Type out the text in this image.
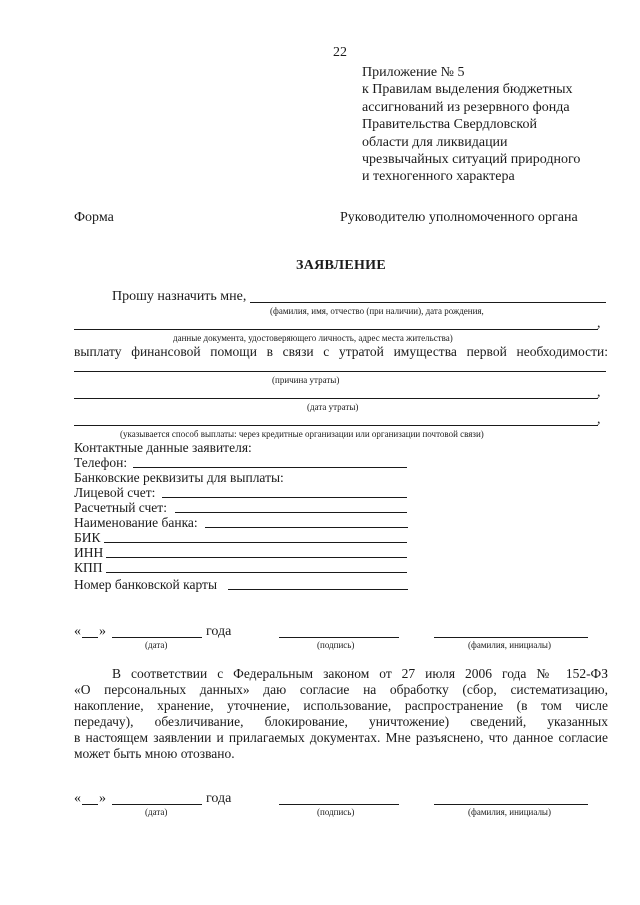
22
Приложение № 5
к Правилам выделения бюджетных
ассигнований из резервного фонда
Правительства Свердловской
области для ликвидации
чрезвычайных ситуаций природного
и техногенного характера
Форма	Руководителю уполномоченного органа
ЗАЯВЛЕНИЕ
Прошу назначить мне,
(фамилия, имя, отчество (при наличии), дата рождения,
,
данные документа, удостоверяющего личность, адрес места жительства)
выплату финансовой помощи в связи с утратой имущества первой необходимости:
(причина утраты)
,
(дата утраты)
,
(указывается способ выплаты: через кредитные организации или организации почтовой связи)
Контактные данные заявителя:
Телефон:
Банковские реквизиты для выплаты:
Лицевой счет:
Расчетный счет:
Наименование банка:
БИК
ИНН
КПП
Номер банковской карты
« »	года
(дата)	(подпись)	(фамилия, инициалы)
В соответствии с Федеральным законом от 27 июля 2006 года № 152-ФЗ
«О персональных данных» даю согласие на обработку (сбор, систематизацию,
накопление, хранение, уточнение, использование, распространение (в том числе
передачу), обезличивание, блокирование, уничтожение) сведений, указанных
в настоящем заявлении и прилагаемых документах. Мне разъяснено, что данное согласие
может быть мною отозвано.
« »	года
(дата)	(подпись)	(фамилия, инициалы)
